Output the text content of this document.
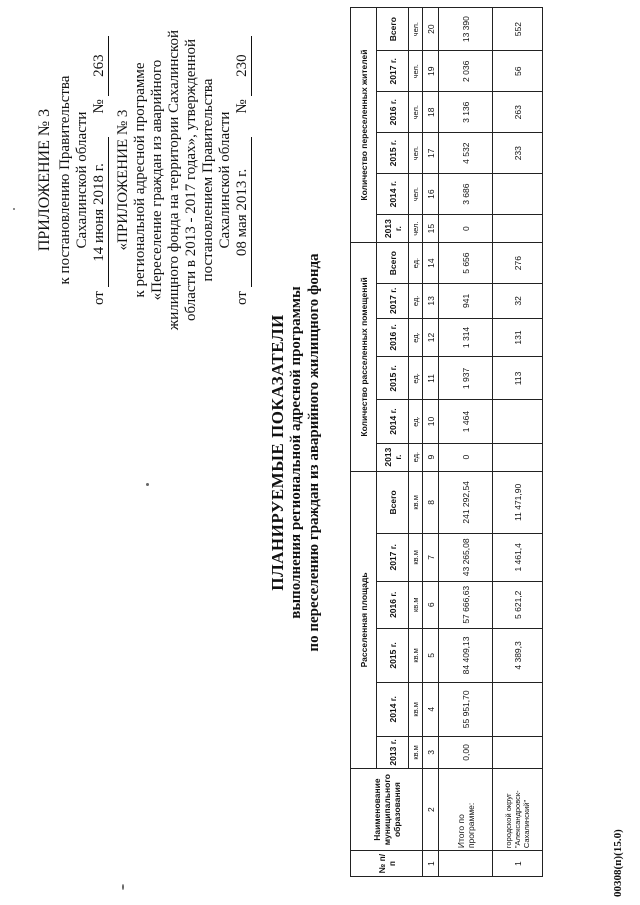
ПРИЛОЖЕНИЕ № 3 к постановлению Правительства Сахалинской области
от 14 июня 2018 г. № 263
«ПРИЛОЖЕНИЕ № 3 к региональной адресной программе «Переселение граждан из аварийного жилищного фонда на территории Сахалинской области в 2013 - 2017 годах», утвержденной постановлением Правительства Сахалинской области
от 08 мая 2013 г. № 230
ПЛАНИРУЕМЫЕ ПОКАЗАТЕЛИ выполнения региональной адресной программы по переселению граждан из аварийного жилищного фонда
№ п/п	Наименование муниципального образования	Расселенная площадь						Количество расселенных помещений						Количество переселенных жителей					
		2013 г.	2014 г.	2015 г.	2016 г.	2017 г.	Всего	2013 г.	2014 г.	2015 г.	2016 г.	2017 г.	Всего	2013 г.	2014 г.	2015 г.	2016 г.	2017 г.	Всего
		кв.м	кв.м	кв.м	кв.м	кв.м	кв.м	ед.	ед.	ед.	ед.	ед.	ед.	чел.	чел.	чел.	чел.	чел.	чел.
1	2	3	4	5	6	7	8	9	10	11	12	13	14	15	16	17	18	19	20
	Итого по программе:	0,00	55 951,70	84 409,13	57 666,63	43 265,08	241 292,54	0	1 464	1 937	1 314	941	5 656	0	3 686	4 532	3 136	2 036	13 390
1	городской округ "Александровск-Сахалинский"			4 389,3	5 621,2	1 461,4	11 471,90			113	131	32	276			233	263	56	552
00308(п)(15.0)
